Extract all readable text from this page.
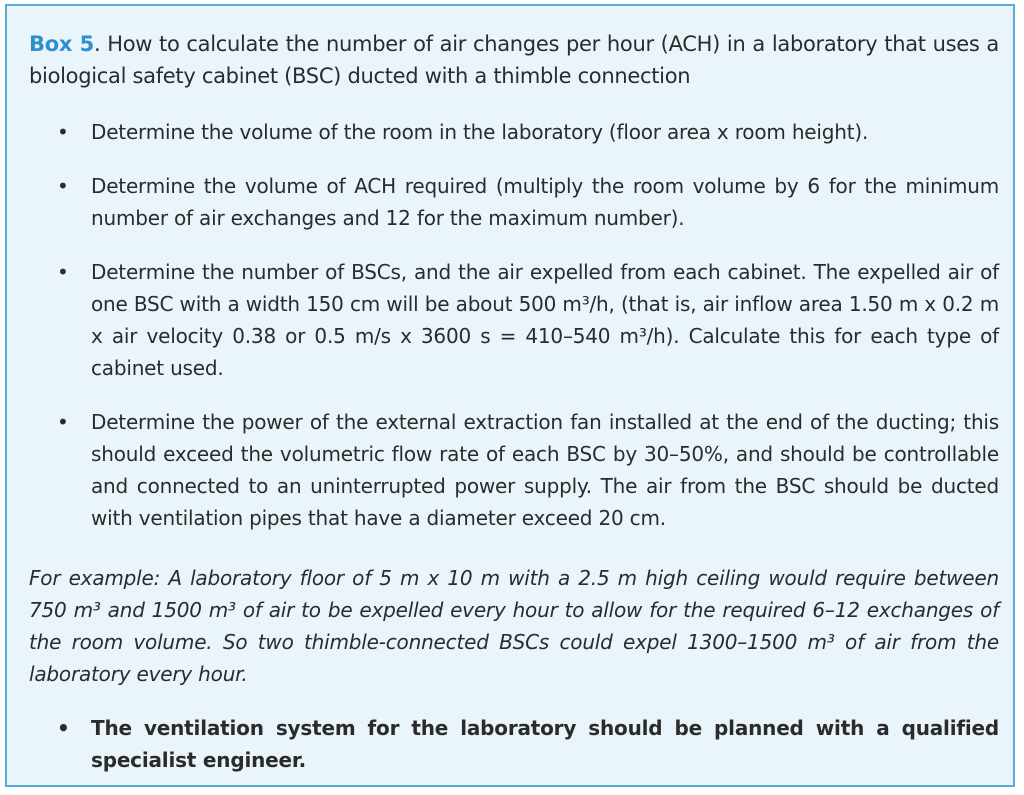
Box 5. How to calculate the number of air changes per hour (ACH) in a laboratory that uses a biological safety cabinet (BSC) ducted with a thimble connection
• Determine the volume of the room in the laboratory (floor area x room height).
• Determine the volume of ACH required (multiply the room volume by 6 for the minimum number of air exchanges and 12 for the maximum number).
• Determine the number of BSCs, and the air expelled from each cabinet. The expelled air of one BSC with a width 150 cm will be about 500 m³/h, (that is, air inflow area 1.50 m x 0.2 m x air velocity 0.38 or 0.5 m/s x 3600 s = 410–540 m³/h). Calculate this for each type of cabinet used.
• Determine the power of the external extraction fan installed at the end of the ducting; this should exceed the volumetric flow rate of each BSC by 30–50%, and should be controllable and connected to an uninterrupted power supply. The air from the BSC should be ducted with ventilation pipes that have a diameter exceed 20 cm.
For example: A laboratory floor of 5 m x 10 m with a 2.5 m high ceiling would require between 750 m³ and 1500 m³ of air to be expelled every hour to allow for the required 6–12 exchanges of the room volume. So two thimble-connected BSCs could expel 1300–1500 m³ of air from the laboratory every hour.
• The ventilation system for the laboratory should be planned with a qualified specialist engineer.
